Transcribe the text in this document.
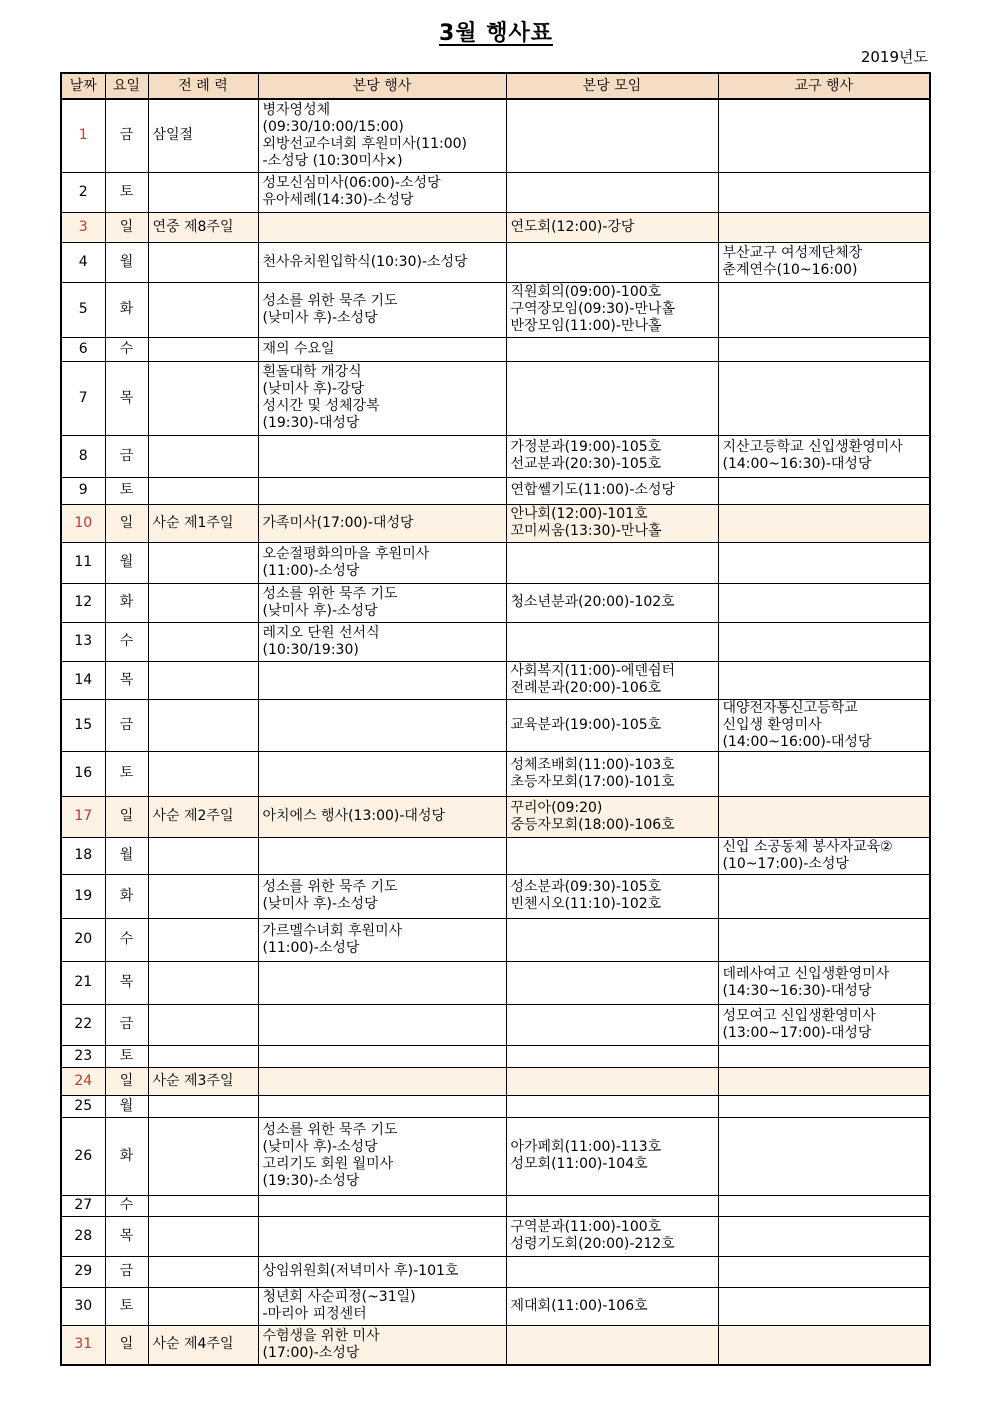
3월 행사표
2019년도
날짜	요일	전 례 력	본당 행사	본당 모임	교구 행사
1	금	삼일절	병자영성체
(09:30/10:00/15:00)
외방선교수녀회 후원미사(11:00)
-소성당 (10:30미사×)		

2	토		성모신심미사(06:00)-소성당
유아세례(14:30)-소성당		

3	일	연중 제8주일		연도회(12:00)-강당	

4	월		천사유치원입학식(10:30)-소성당		부산교구 여성제단체장
춘계연수(10~16:00)

5	화		성소를 위한 묵주 기도
(낮미사 후)-소성당	직원회의(09:00)-100호
구역장모임(09:30)-만나홀
반장모임(11:00)-만나홀	

6	수		재의 수요일		

7	목		흰돌대학 개강식
(낮미사 후)-강당
성시간 및 성체강복
(19:30)-대성당		

8	금			가정분과(19:00)-105호
선교분과(20:30)-105호	지산고등학교 신입생환영미사
(14:00~16:30)-대성당

9	토			연합쎌기도(11:00)-소성당	

10	일	사순 제1주일	가족미사(17:00)-대성당	안나회(12:00)-101호
꼬미씨움(13:30)-만나홀	

11	월		오순절평화의마을 후원미사
(11:00)-소성당		

12	화		성소를 위한 묵주 기도
(낮미사 후)-소성당	청소년분과(20:00)-102호	

13	수		레지오 단원 선서식
(10:30/19:30)		

14	목			사회복지(11:00)-에덴쉼터
전례분과(20:00)-106호	

15	금			교육분과(19:00)-105호	대양전자통신고등학교
신입생 환영미사
(14:00~16:00)-대성당

16	토			성체조배회(11:00)-103호
초등자모회(17:00)-101호	

17	일	사순 제2주일	아치에스 행사(13:00)-대성당	꾸리아(09:20)
중등자모회(18:00)-106호	

18	월				신입 소공동체 봉사자교육②
(10~17:00)-소성당

19	화		성소를 위한 묵주 기도
(낮미사 후)-소성당	성소분과(09:30)-105호
빈첸시오(11:10)-102호	

20	수		가르멜수녀회 후원미사
(11:00)-소성당		

21	목				데레사여고 신입생환영미사
(14:30~16:30)-대성당

22	금				성모여고 신입생환영미사
(13:00~17:00)-대성당

23	토				
24	일	사순 제3주일			
25	월				
26	화		성소를 위한 묵주 기도
(낮미사 후)-소성당
고리기도 회원 월미사
(19:30)-소성당	아가페회(11:00)-113호
성모회(11:00)-104호	

27	수				
28	목			구역분과(11:00)-100호
성령기도회(20:00)-212호	

29	금		상임위원회(저녁미사 후)-101호		

30	토		청년회 사순피정(~31일)
-마리아 피정센터	제대회(11:00)-106호	

31	일	사순 제4주일	수험생을 위한 미사
(17:00)-소성당		
